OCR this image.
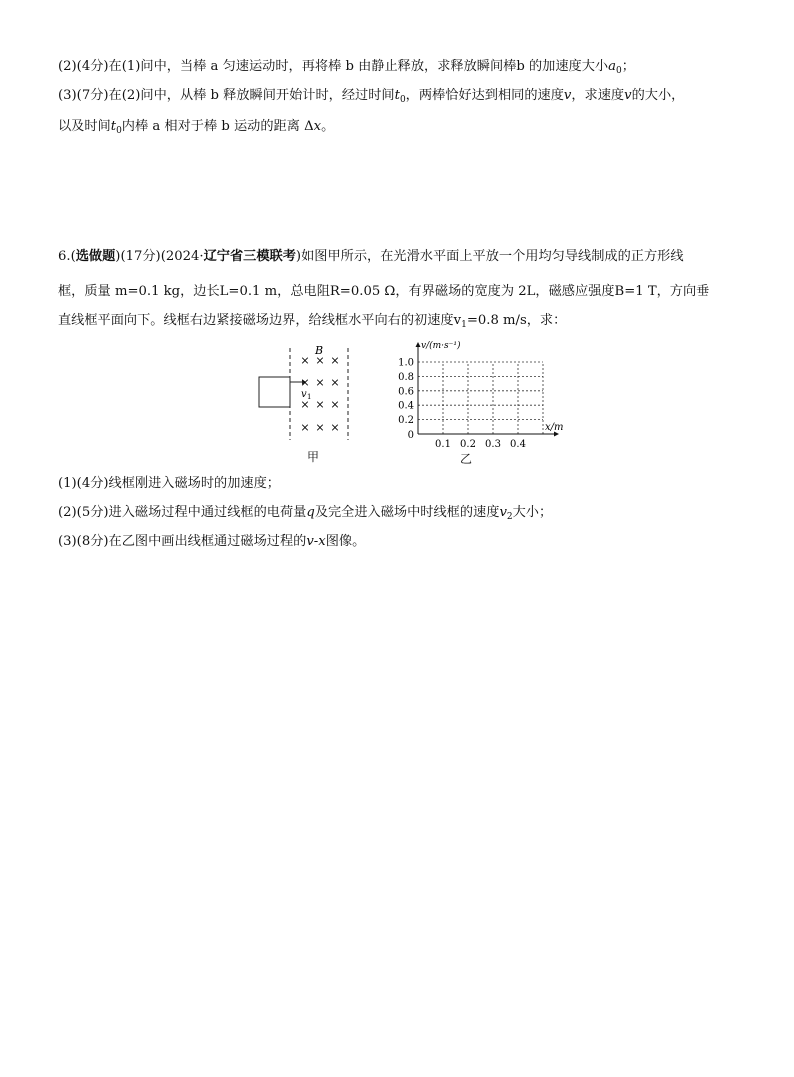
(2)(4分)在(1)问中，当棒 a 匀速运动时，再将棒 b 由静止释放，求释放瞬间棒b 的加速度大小$a_0$；
(3)(7分)在(2)问中，从棒 b 释放瞬间开始计时，经过时间$t_0$，两棒恰好达到相同的速度v，求速度v的大小，
以及时间$t_0$内棒 a 相对于棒 b 运动的距离 Δx。
6.(选做题)(17分)(2024·辽宁省三模联考)如图甲所示，在光滑水平面上平放一个用均匀导线制成的正方形线
框，质量 m=0.1 kg，边长L=0.1 m，总电阻R=0.05 Ω，有界磁场的宽度为 2L，磁感应强度B=1 T，方向垂
直线框平面向下。线框右边紧接磁场边界，给线框水平向右的初速度$v_1=0.8$ m/s，求：
v 1
B
× × ×
× × ×
× × ×
× × ×
甲
1.0
0.8
0.6
0.4
0.2
0.1 0.2 0.3 0.4
0
v/(m·s⁻¹)
x/m
乙
(1)(4分)线框刚进入磁场时的加速度；
(2)(5分)进入磁场过程中通过线框的电荷量q及完全进入磁场中时线框的速度$v_2$大小；
(3)(8分)在乙图中画出线框通过磁场过程的v-x图像。
